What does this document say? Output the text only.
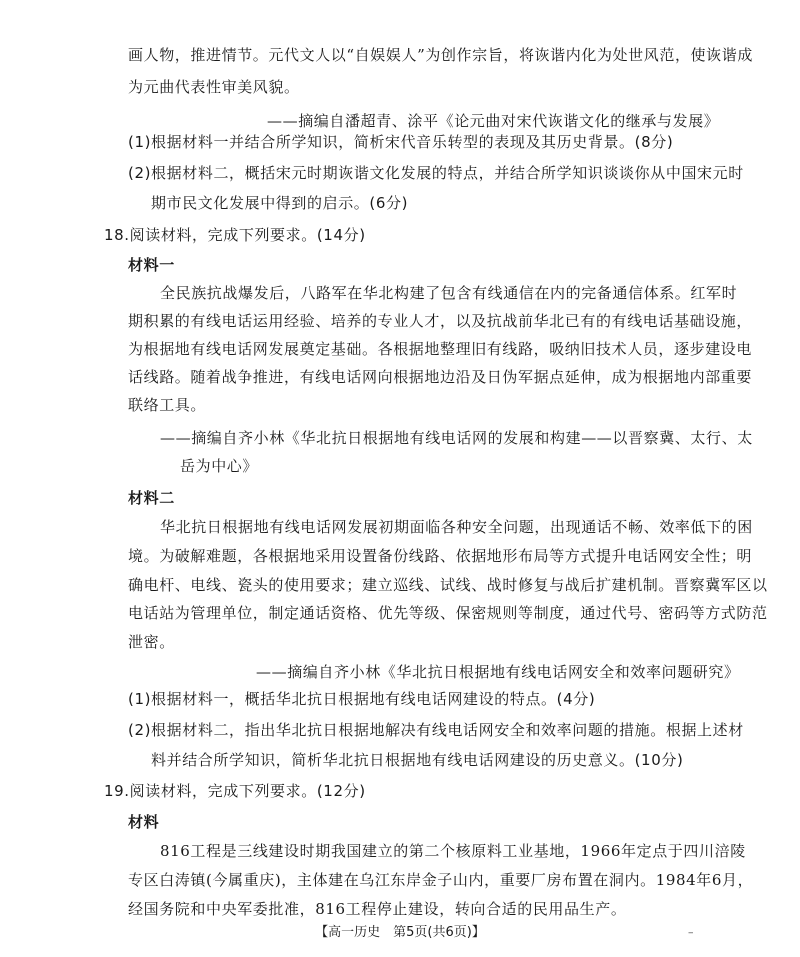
画人物，推进情节。元代文人以“自娱娱人”为创作宗旨，将诙谐内化为处世风范，使诙谐成
为元曲代表性审美风貌。
——摘编自潘超青、涂平《论元曲对宋代诙谐文化的继承与发展》
(1)根据材料一并结合所学知识，简析宋代音乐转型的表现及其历史背景。(8分)
(2)根据材料二，概括宋元时期诙谐文化发展的特点，并结合所学知识谈谈你从中国宋元时
期市民文化发展中得到的启示。(6分)
18.阅读材料，完成下列要求。(14分)
材料一
全民族抗战爆发后，八路军在华北构建了包含有线通信在内的完备通信体系。红军时
期积累的有线电话运用经验、培养的专业人才，以及抗战前华北已有的有线电话基础设施，
为根据地有线电话网发展奠定基础。各根据地整理旧有线路，吸纳旧技术人员，逐步建设电
话线路。随着战争推进，有线电话网向根据地边沿及日伪军据点延伸，成为根据地内部重要
联络工具。
——摘编自齐小林《华北抗日根据地有线电话网的发展和构建——以晋察冀、太行、太
岳为中心》
材料二
华北抗日根据地有线电话网发展初期面临各种安全问题，出现通话不畅、效率低下的困
境。为破解难题，各根据地采用设置备份线路、依据地形布局等方式提升电话网安全性；明
确电杆、电线、瓷头的使用要求；建立巡线、试线、战时修复与战后扩建机制。晋察冀军区以
电话站为管理单位，制定通话资格、优先等级、保密规则等制度，通过代号、密码等方式防范
泄密。
——摘编自齐小林《华北抗日根据地有线电话网安全和效率问题研究》
(1)根据材料一，概括华北抗日根据地有线电话网建设的特点。(4分)
(2)根据材料二，指出华北抗日根据地解决有线电话网安全和效率问题的措施。根据上述材
料并结合所学知识，简析华北抗日根据地有线电话网建设的历史意义。(10分)
19.阅读材料，完成下列要求。(12分)
材料
816工程是三线建设时期我国建立的第二个核原料工业基地，1966年定点于四川涪陵
专区白涛镇(今属重庆)，主体建在乌江东岸金子山内，重要厂房布置在洞内。1984年6月，
经国务院和中央军委批准，816工程停止建设，转向合适的民用品生产。
【高一历史　第5页(共6页)】	–
